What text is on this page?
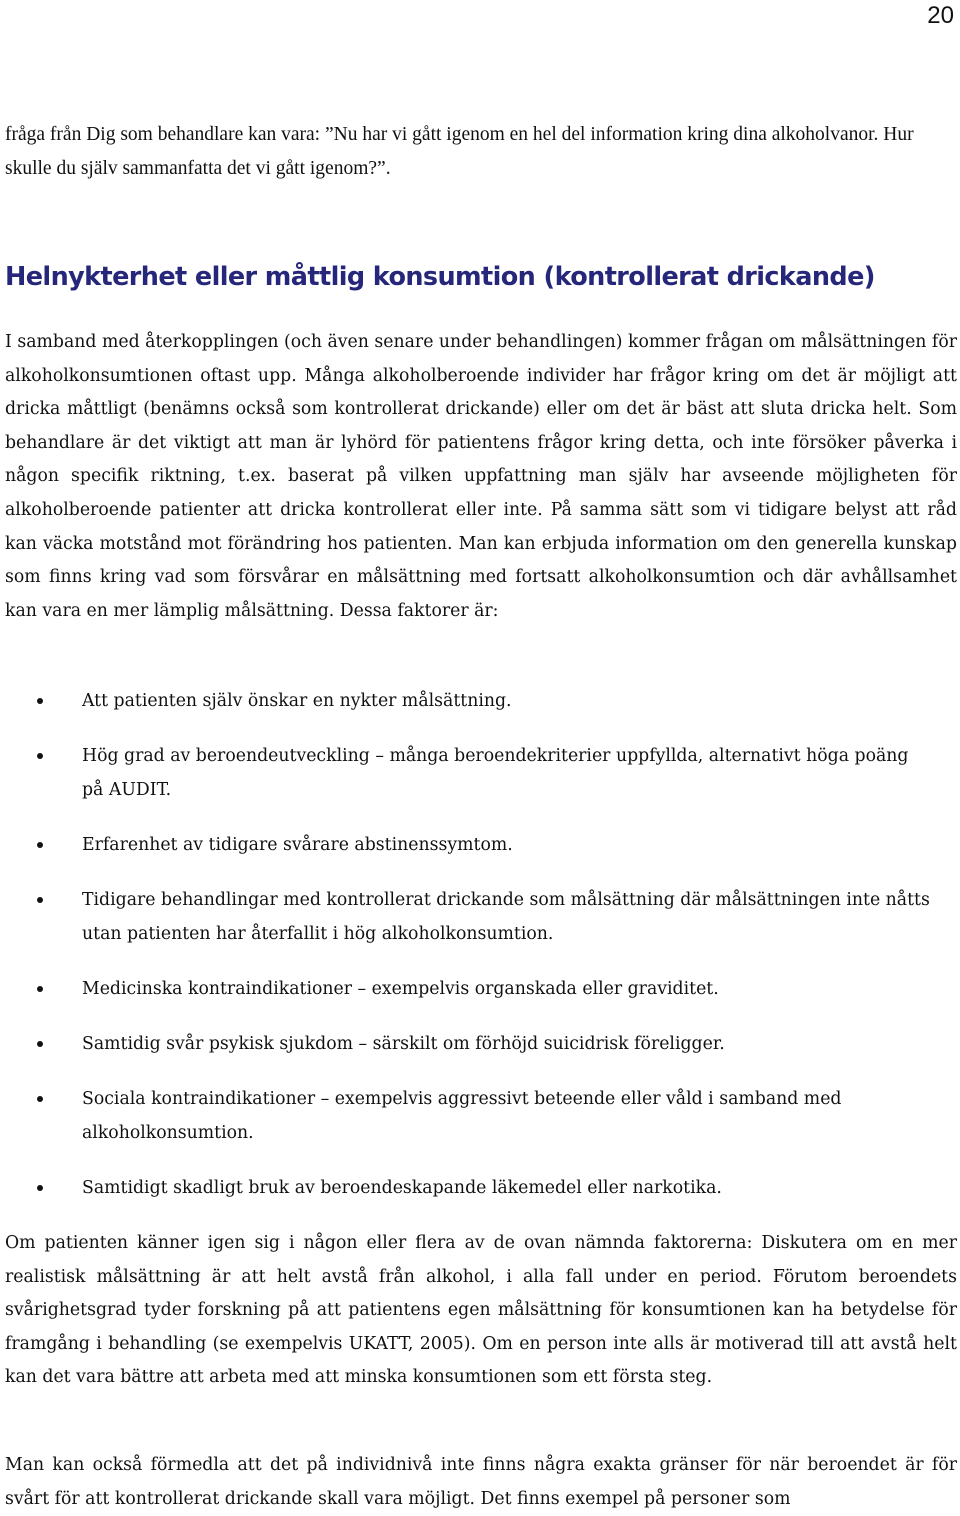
20

fråga från Dig som behandlare kan vara: ”Nu har vi gått igenom en hel del information kring dina alkoholvanor. Hur skulle du själv sammanfatta det vi gått igenom?”.

Helnykterhet eller måttlig konsumtion (kontrollerat drickande)

I samband med återkopplingen (och även senare under behandlingen) kommer frågan om målsättningen för alkoholkonsumtionen oftast upp. Många alkoholberoende individer har frågor kring om det är möjligt att dricka måttligt (benämns också som kontrollerat drickande) eller om det är bäst att sluta dricka helt. Som behandlare är det viktigt att man är lyhörd för patientens frågor kring detta, och inte försöker påverka i någon specifik riktning, t.ex. baserat på vilken uppfattning man själv har avseende möjligheten för alkoholberoende patienter att dricka kontrollerat eller inte. På samma sätt som vi tidigare belyst att råd kan väcka motstånd mot förändring hos patienten. Man kan erbjuda information om den generella kunskap som finns kring vad som försvårar en målsättning med fortsatt alkoholkonsumtion och där avhållsamhet kan vara en mer lämplig målsättning. Dessa faktorer är:

Att patienten själv önskar en nykter målsättning.
Hög grad av beroendeutveckling – många beroendekriterier uppfyllda, alternativt höga poäng på AUDIT.
Erfarenhet av tidigare svårare abstinenssymtom.
Tidigare behandlingar med kontrollerat drickande som målsättning där målsättningen inte nåtts utan patienten har återfallit i hög alkoholkonsumtion.
Medicinska kontraindikationer – exempelvis organskada eller graviditet.
Samtidig svår psykisk sjukdom – särskilt om förhöjd suicidrisk föreligger.
Sociala kontraindikationer – exempelvis aggressivt beteende eller våld i samband med alkoholkonsumtion.
Samtidigt skadligt bruk av beroendeskapande läkemedel eller narkotika.

Om patienten känner igen sig i någon eller flera av de ovan nämnda faktorerna: Diskutera om en mer realistisk målsättning är att helt avstå från alkohol, i alla fall under en period. Förutom beroendets svårighetsgrad tyder forskning på att patientens egen målsättning för konsumtionen kan ha betydelse för framgång i behandling (se exempelvis UKATT, 2005). Om en person inte alls är motiverad till att avstå helt kan det vara bättre att arbeta med att minska konsumtionen som ett första steg.

Man kan också förmedla att det på individnivå inte finns några exakta gränser för när beroendet är för svårt för att kontrollerat drickande skall vara möjligt. Det finns exempel på personer som
